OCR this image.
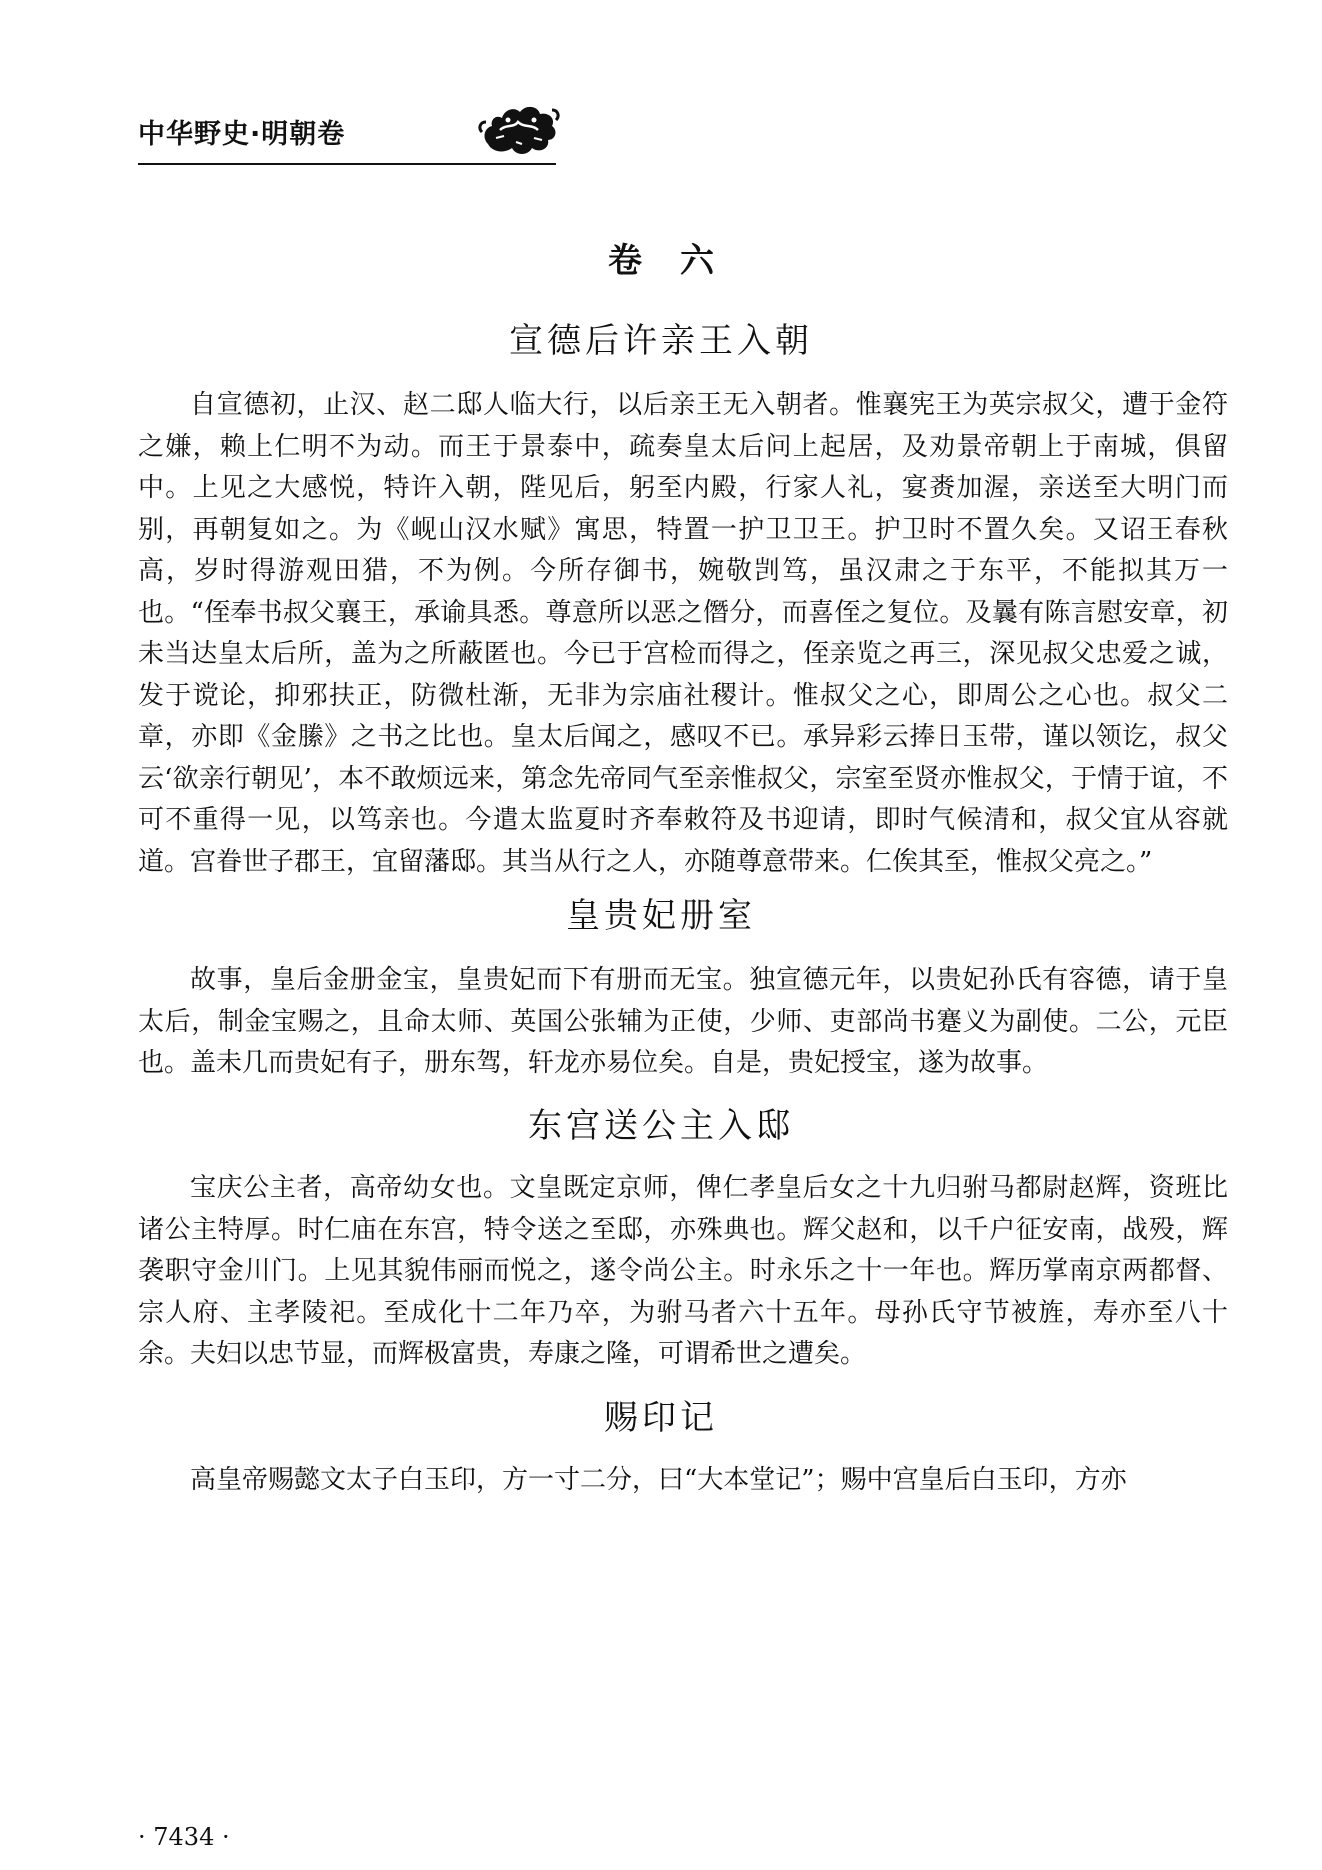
中华野史·明朝卷
卷六
宣德后许亲王入朝

自宣德初，止汉、赵二邸人临大行，以后亲王无入朝者。惟襄宪王为英宗叔父，遭于金符之嫌，赖上仁明不为动。而王于景泰中，疏奏皇太后问上起居，及劝景帝朝上于南城，俱留中。上见之大感悦，特许入朝，陛见后，躬至内殿，行家人礼，宴赉加渥，亲送至大明门而别，再朝复如之。为《岘山汉水赋》寓思，特置一护卫卫王。护卫时不置久矣。又诏王春秋高，岁时得游观田猎，不为例。今所存御书，婉敬剀笃，虽汉肃之于东平，不能拟其万一也。“侄奉书叔父襄王，承谕具悉。尊意所以恶之僭分，而喜侄之复位。及曩有陈言慰安章，初未当达皇太后所，盖为之所蔽匿也。今已于宫检而得之，侄亲览之再三，深见叔父忠爱之诚，发于谠论，抑邪扶正，防微杜渐，无非为宗庙社稷计。惟叔父之心，即周公之心也。叔父二章，亦即《金縢》之书之比也。皇太后闻之，感叹不已。承异彩云捧日玉带，谨以领讫，叔父云‘欲亲行朝见’，本不敢烦远来，第念先帝同气至亲惟叔父，宗室至贤亦惟叔父，于情于谊，不可不重得一见，以笃亲也。今遣太监夏时齐奉敕符及书迎请，即时气候清和，叔父宜从容就道。宫眷世子郡王，宜留藩邸。其当从行之人，亦随尊意带来。仁俟其至，惟叔父亮之。”

皇贵妃册室

故事，皇后金册金宝，皇贵妃而下有册而无宝。独宣德元年，以贵妃孙氏有容德，请于皇太后，制金宝赐之，且命太师、英国公张辅为正使，少师、吏部尚书蹇义为副使。二公，元臣也。盖未几而贵妃有子，册东驾，轩龙亦易位矣。自是，贵妃授宝，遂为故事。

东宫送公主入邸

宝庆公主者，高帝幼女也。文皇既定京师，俾仁孝皇后女之十九归驸马都尉赵辉，资班比诸公主特厚。时仁庙在东宫，特令送之至邸，亦殊典也。辉父赵和，以千户征安南，战殁，辉袭职守金川门。上见其貌伟丽而悦之，遂令尚公主。时永乐之十一年也。辉历掌南京两都督、宗人府、主孝陵祀。至成化十二年乃卒，为驸马者六十五年。母孙氏守节被旌，寿亦至八十余。夫妇以忠节显，而辉极富贵，寿康之隆，可谓希世之遭矣。

赐印记

高皇帝赐懿文太子白玉印，方一寸二分，曰“大本堂记”；赐中宫皇后白玉印，方亦

· 7434 ·
